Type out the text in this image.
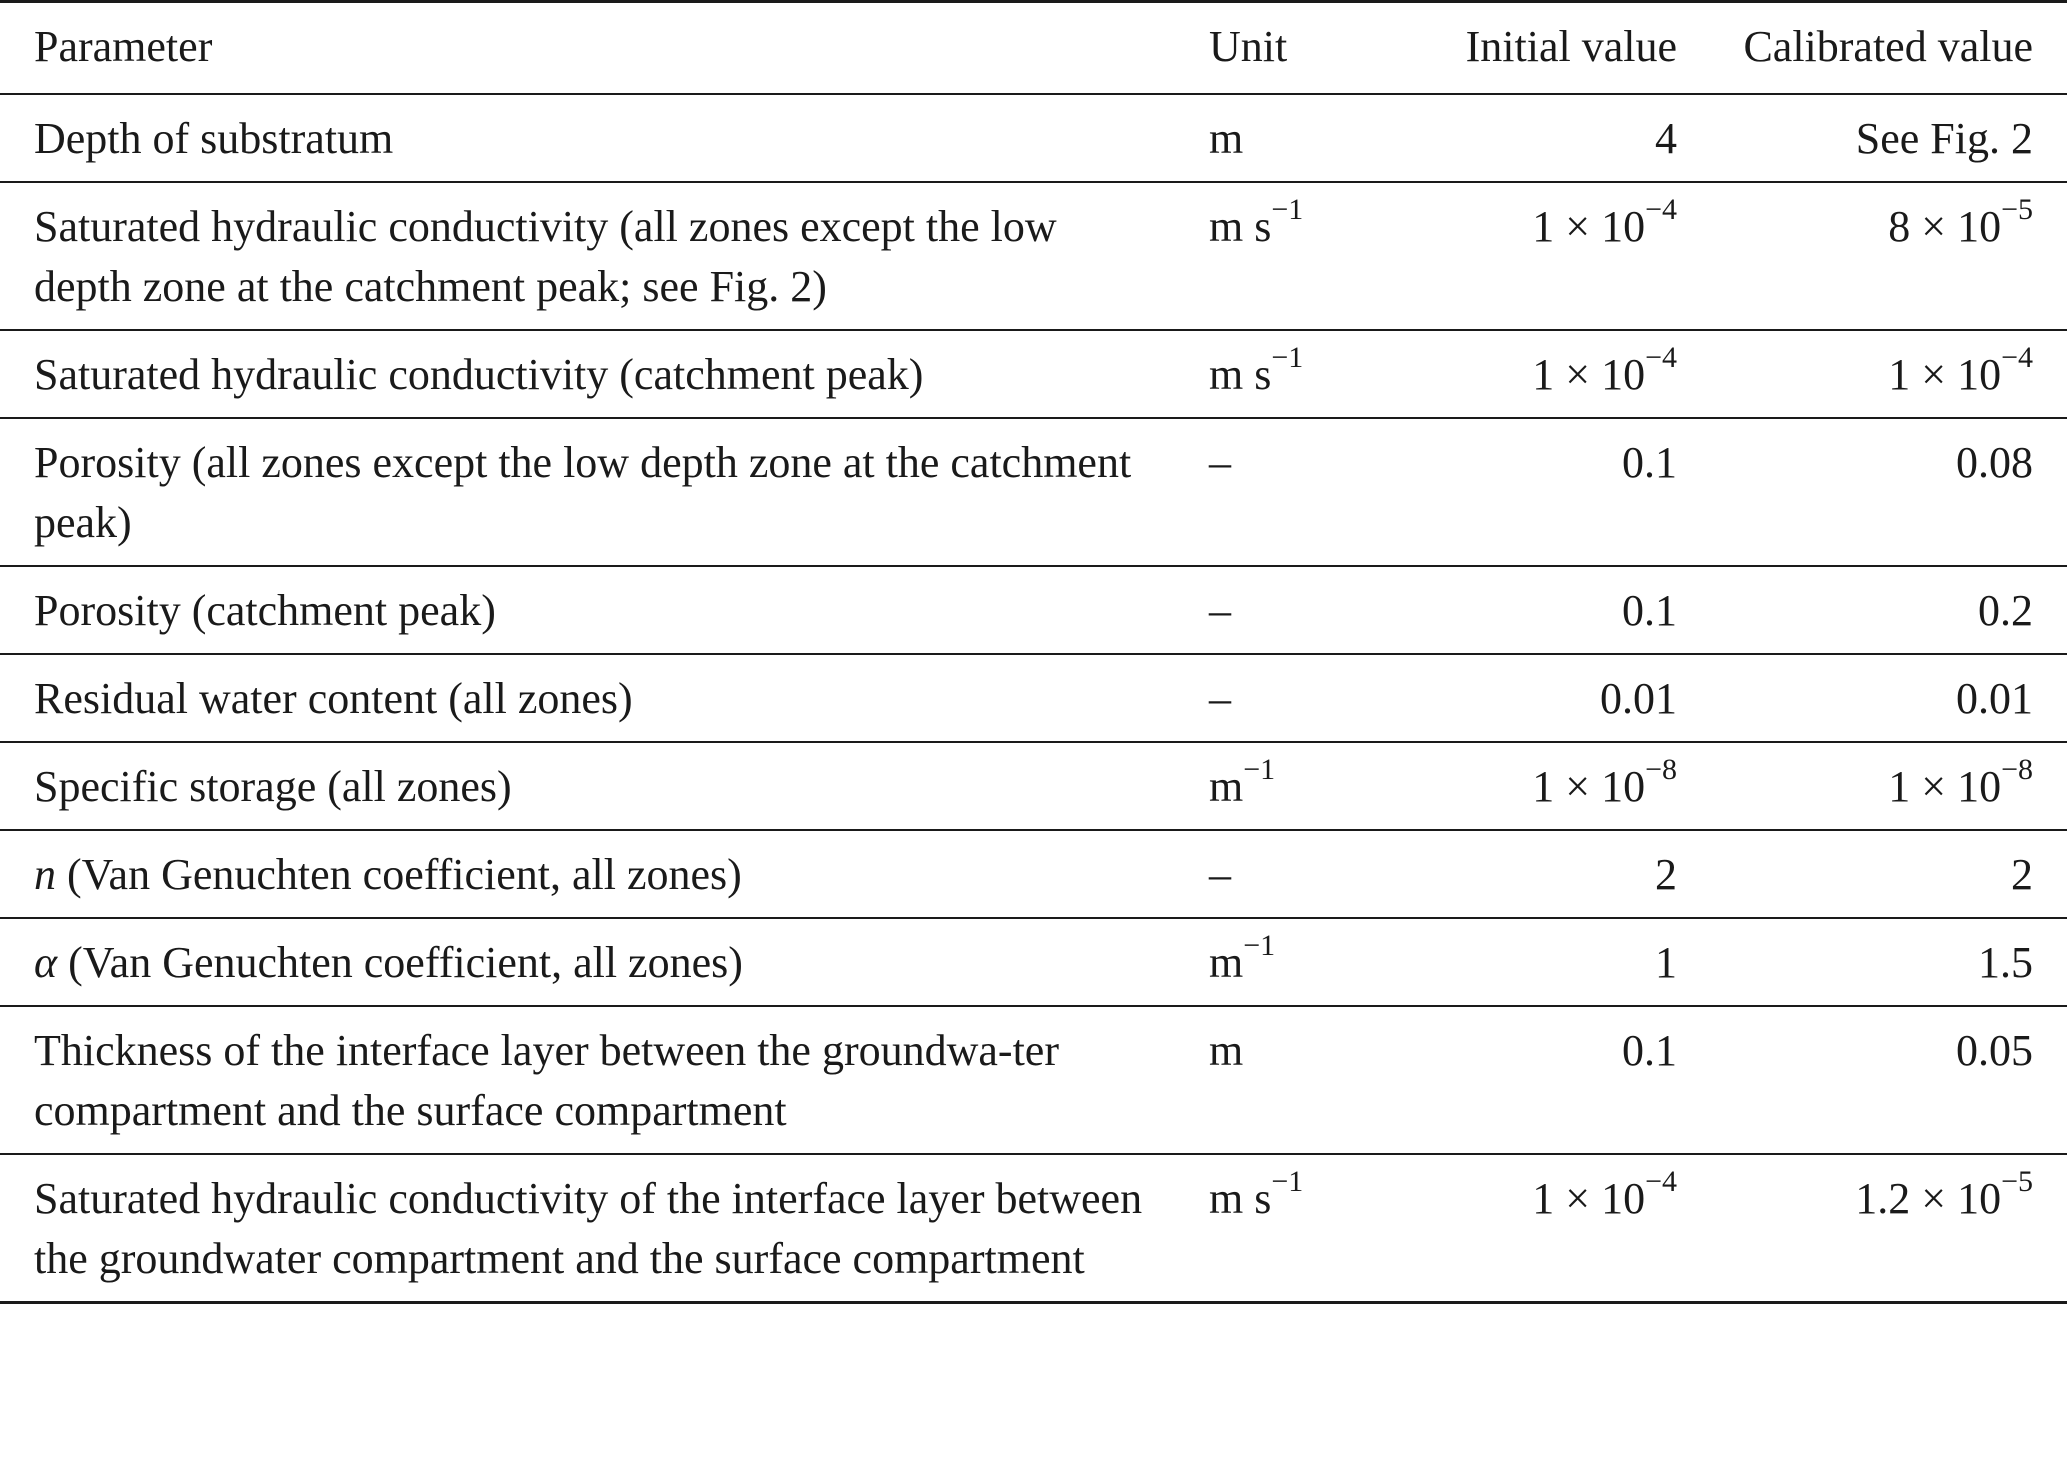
Parameter	Unit	Initial value	Calibrated value

Depth of substratum	m	4	See Fig. 2

Saturated hydraulic conductivity (all zones except the low depth zone at the catchment peak; see Fig. 2)	m $s^{-1}$	$1 \times 10^{-4}$	$8 \times 10^{-5}$

Saturated hydraulic conductivity (catchment peak)	m $s^{-1}$	$1 \times 10^{-4}$	$1 \times 10^{-4}$

Porosity (all zones except the low depth zone at the catchment peak)	–	0.1	0.08

Porosity (catchment peak)	–	0.1	0.2

Residual water content (all zones)	–	0.01	0.01

Specific storage (all zones)	$m^{-1}$	$1 \times 10^{-8}$	$1 \times 10^{-8}$

n (Van Genuchten coefficient, all zones)	–	2	2

α (Van Genuchten coefficient, all zones)	$m^{-1}$	1	1.5

Thickness of the interface layer between the groundwa-ter compartment and the surface compartment	m	0.1	0.05

Saturated hydraulic conductivity of the interface layer between the groundwater compartment and the surface compartment	m $s^{-1}$	$1 \times 10^{-4}$	$1.2 \times 10^{-5}$
